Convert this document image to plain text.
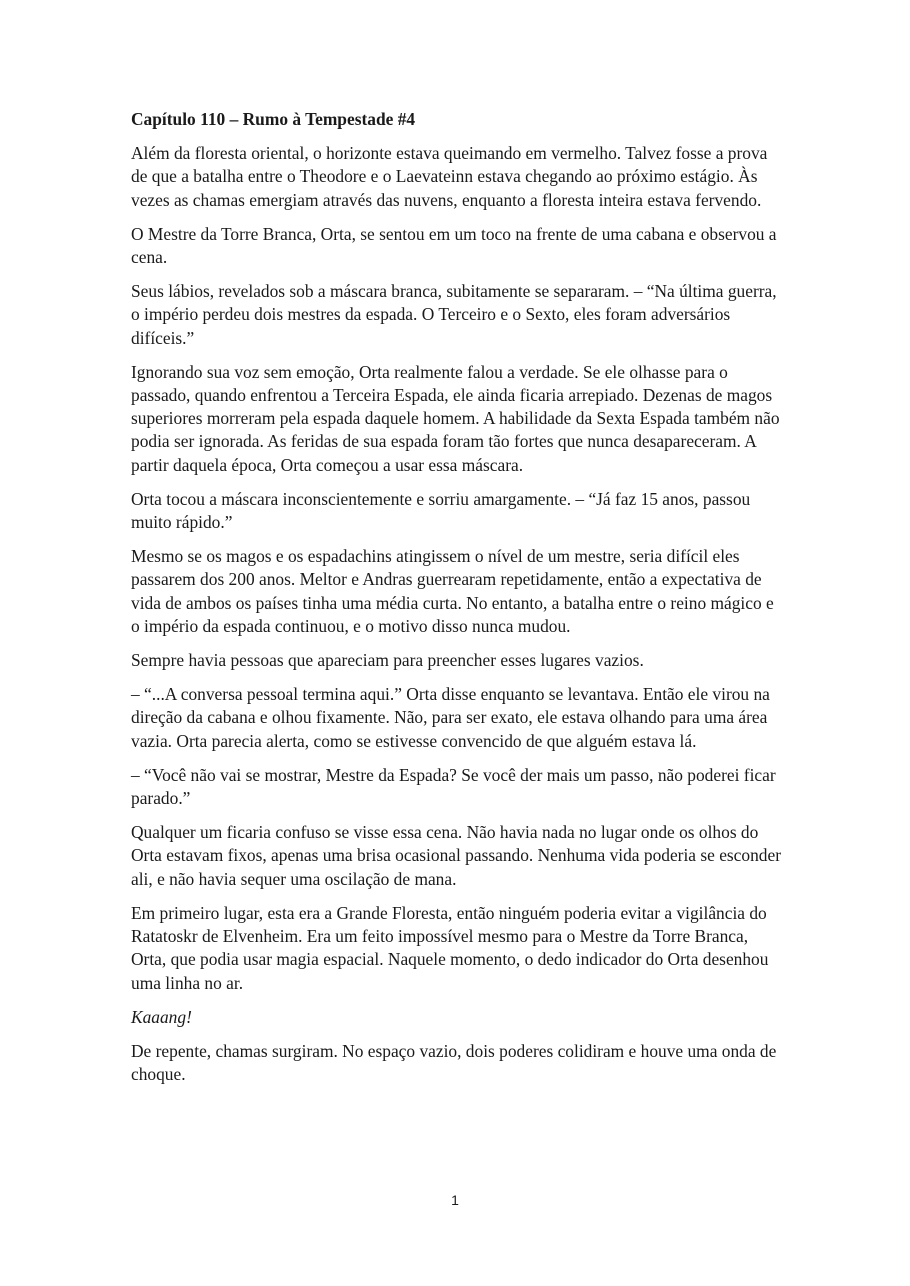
Capítulo 110 – Rumo à Tempestade #4

Além da floresta oriental, o horizonte estava queimando em vermelho. Talvez fosse a prova de que a batalha entre o Theodore e o Laevateinn estava chegando ao próximo estágio. Às vezes as chamas emergiam através das nuvens, enquanto a floresta inteira estava fervendo.

O Mestre da Torre Branca, Orta, se sentou em um toco na frente de uma cabana e observou a cena.

Seus lábios, revelados sob a máscara branca, subitamente se separaram. – “Na última guerra, o império perdeu dois mestres da espada. O Terceiro e o Sexto, eles foram adversários difíceis.”

Ignorando sua voz sem emoção, Orta realmente falou a verdade. Se ele olhasse para o passado, quando enfrentou a Terceira Espada, ele ainda ficaria arrepiado. Dezenas de magos superiores morreram pela espada daquele homem. A habilidade da Sexta Espada também não podia ser ignorada. As feridas de sua espada foram tão fortes que nunca desapareceram. A partir daquela época, Orta começou a usar essa máscara.

Orta tocou a máscara inconscientemente e sorriu amargamente. – “Já faz 15 anos, passou muito rápido.”

Mesmo se os magos e os espadachins atingissem o nível de um mestre, seria difícil eles passarem dos 200 anos. Meltor e Andras guerrearam repetidamente, então a expectativa de vida de ambos os países tinha uma média curta. No entanto, a batalha entre o reino mágico e o império da espada continuou, e o motivo disso nunca mudou.

Sempre havia pessoas que apareciam para preencher esses lugares vazios.

– “...A conversa pessoal termina aqui.” Orta disse enquanto se levantava. Então ele virou na direção da cabana e olhou fixamente. Não, para ser exato, ele estava olhando para uma área vazia. Orta parecia alerta, como se estivesse convencido de que alguém estava lá.

– “Você não vai se mostrar, Mestre da Espada? Se você der mais um passo, não poderei ficar parado.”

Qualquer um ficaria confuso se visse essa cena. Não havia nada no lugar onde os olhos do Orta estavam fixos, apenas uma brisa ocasional passando. Nenhuma vida poderia se esconder ali, e não havia sequer uma oscilação de mana.

Em primeiro lugar, esta era a Grande Floresta, então ninguém poderia evitar a vigilância do Ratatoskr de Elvenheim. Era um feito impossível mesmo para o Mestre da Torre Branca, Orta, que podia usar magia espacial. Naquele momento, o dedo indicador do Orta desenhou uma linha no ar.

Kaaang!

De repente, chamas surgiram. No espaço vazio, dois poderes colidiram e houve uma onda de choque.

1
